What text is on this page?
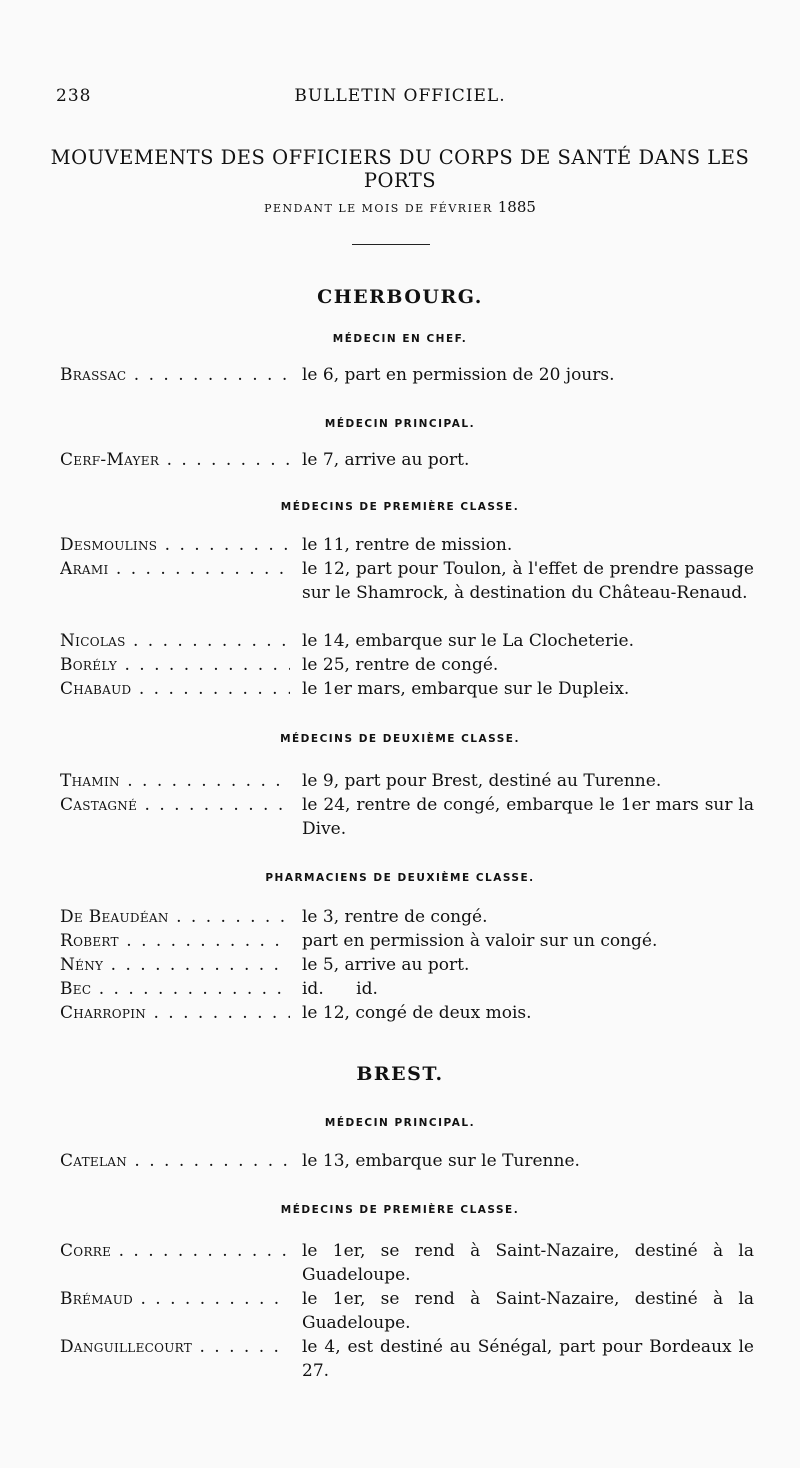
238	BULLETIN OFFICIEL.
MOUVEMENTS DES OFFICIERS DU CORPS DE SANTÉ DANS LES PORTS
PENDANT LE MOIS DE FÉVRIER 1885
CHERBOURG.
MÉDECIN EN CHEF.
Brassac . . .	le 6, part en permission de 20 jours.
MÉDECIN PRINCIPAL.
Cerf-Mayer . . .	le 7, arrive au port.
MÉDECINS DE PREMIÈRE CLASSE.
Desmoulins . . .	le 11, rentre de mission.
Arami . . .	le 12, part pour Toulon, à l'effet de prendre passage sur le Shamrock, à destination du Château-Renaud.
Nicolas . . .	le 14, embarque sur le La Clocheterie.
Borély . . .	le 25, rentre de congé.
Chabaud . . .	le 1er mars, embarque sur le Dupleix.
MÉDECINS DE DEUXIÈME CLASSE.
Thamin . . .	le 9, part pour Brest, destiné au Turenne.
Castagné . . .	le 24, rentre de congé, embarque le 1er mars sur la Dive.
PHARMACIENS DE DEUXIÈME CLASSE.
De Beaudéan . . .	le 3, rentre de congé.
Robert . . .	part en permission à valoir sur un congé.
Nény . . .	le 5, arrive au port.
Bec . . .	id.      id.
Charropin . . .	le 12, congé de deux mois.
BREST.
MÉDECIN PRINCIPAL.
Catelan . . .	le 13, embarque sur le Turenne.
MÉDECINS DE PREMIÈRE CLASSE.
Corre . . .	le 1er, se rend à Saint-Nazaire, destiné à la Guadeloupe.
Brémaud . . .	le 1er, se rend à Saint-Nazaire, destiné à la Guadeloupe.
Danguillecourt . . .	le 4, est destiné au Sénégal, part pour Bordeaux le 27.
